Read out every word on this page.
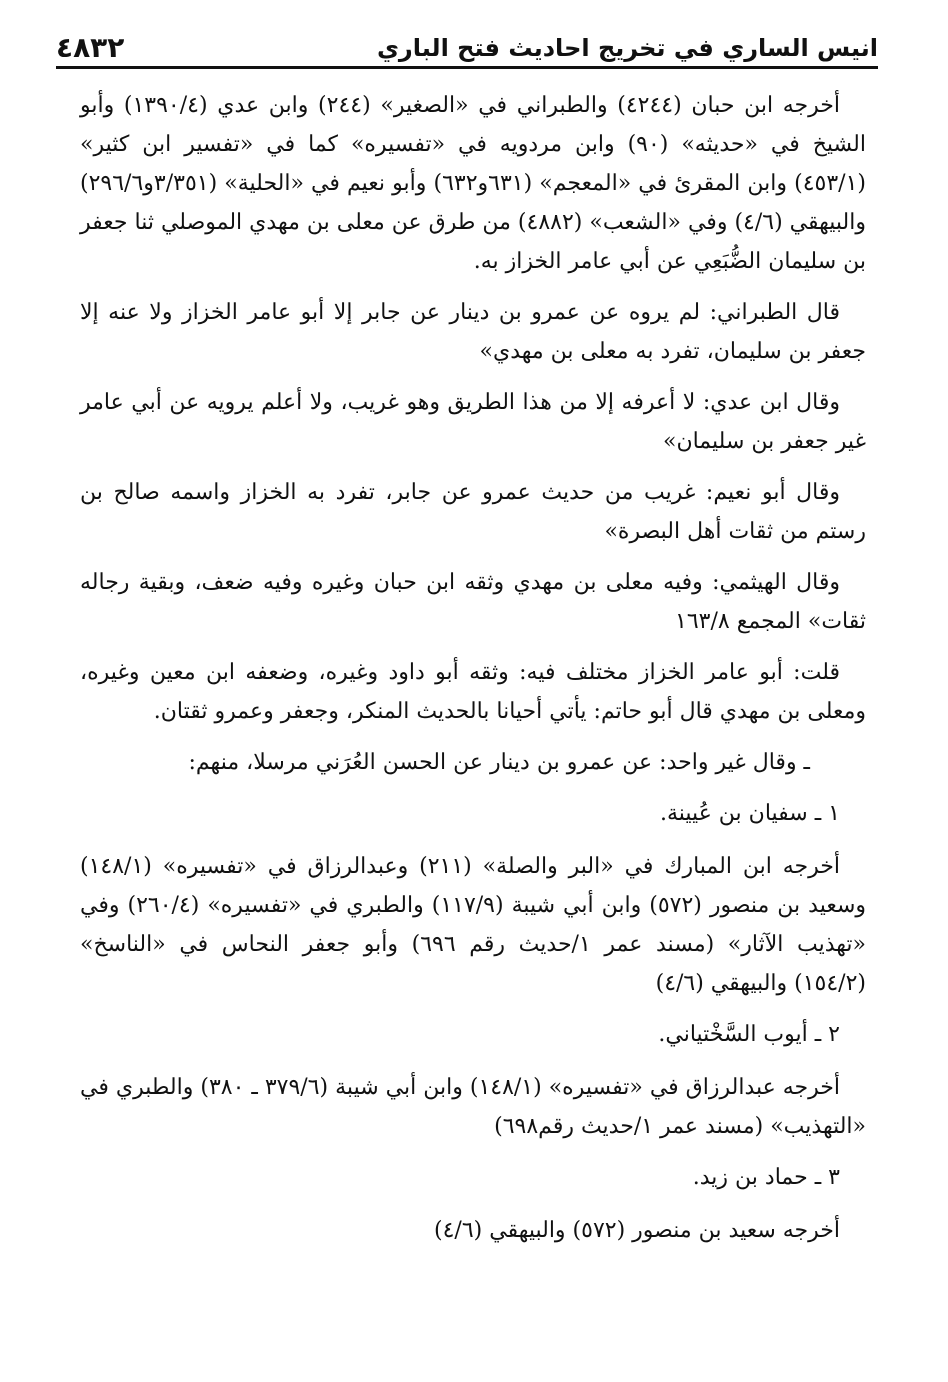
انيس الساري في تخريج احاديث فتح الباري
٤٨٣٢

أخرجه ابن حبان (٤٢٤٤) والطبراني في «الصغير» (٢٤٤) وابن عدي (١٣٩٠/٤) وأبو الشيخ في «حديثه» (٩٠) وابن مردويه في «تفسيره» كما في «تفسير ابن كثير» (٤٥٣/١) وابن المقرئ في «المعجم» (٦٣١و٦٣٢) وأبو نعيم في «الحلية» (٣/٣٥١و٢٩٦/٦) والبيهقي (٤/٦) وفي «الشعب» (٤٨٨٢) من طرق عن معلى بن مهدي الموصلي ثنا جعفر بن سليمان الضُّبَعِي عن أبي عامر الخزاز به.

قال الطبراني: لم يروه عن عمرو بن دينار عن جابر إلا أبو عامر الخزاز ولا عنه إلا جعفر بن سليمان، تفرد به معلى بن مهدي»

وقال ابن عدي: لا أعرفه إلا من هذا الطريق وهو غريب، ولا أعلم يرويه عن أبي عامر غير جعفر بن سليمان»

وقال أبو نعيم: غريب من حديث عمرو عن جابر، تفرد به الخزاز واسمه صالح بن رستم من ثقات أهل البصرة»

وقال الهيثمي: وفيه معلى بن مهدي وثقه ابن حبان وغيره وفيه ضعف، وبقية رجاله ثقات» المجمع ١٦٣/٨

قلت: أبو عامر الخزاز مختلف فيه: وثقه أبو داود وغيره، وضعفه ابن معين وغيره، ومعلى بن مهدي قال أبو حاتم: يأتي أحيانا بالحديث المنكر، وجعفر وعمرو ثقتان.

ـ وقال غير واحد: عن عمرو بن دينار عن الحسن العُرَني مرسلا، منهم:

١ ـ سفيان بن عُيينة.

أخرجه ابن المبارك في «البر والصلة» (٢١١) وعبدالرزاق في «تفسيره» (١٤٨/١) وسعيد بن منصور (٥٧٢) وابن أبي شيبة (١١٧/٩) والطبري في «تفسيره» (٢٦٠/٤) وفي «تهذيب الآثار» (مسند عمر ١/حديث رقم ٦٩٦) وأبو جعفر النحاس في «الناسخ» (١٥٤/٢) والبيهقي (٤/٦)

٢ ـ أيوب السَّخْتياني.

أخرجه عبدالرزاق في «تفسيره» (١٤٨/١) وابن أبي شيبة (٣٧٩/٦ ـ ٣٨٠) والطبري في «التهذيب» (مسند عمر ١/حديث رقم٦٩٨)

٣ ـ حماد بن زيد.

أخرجه سعيد بن منصور (٥٧٢) والبيهقي (٤/٦)
